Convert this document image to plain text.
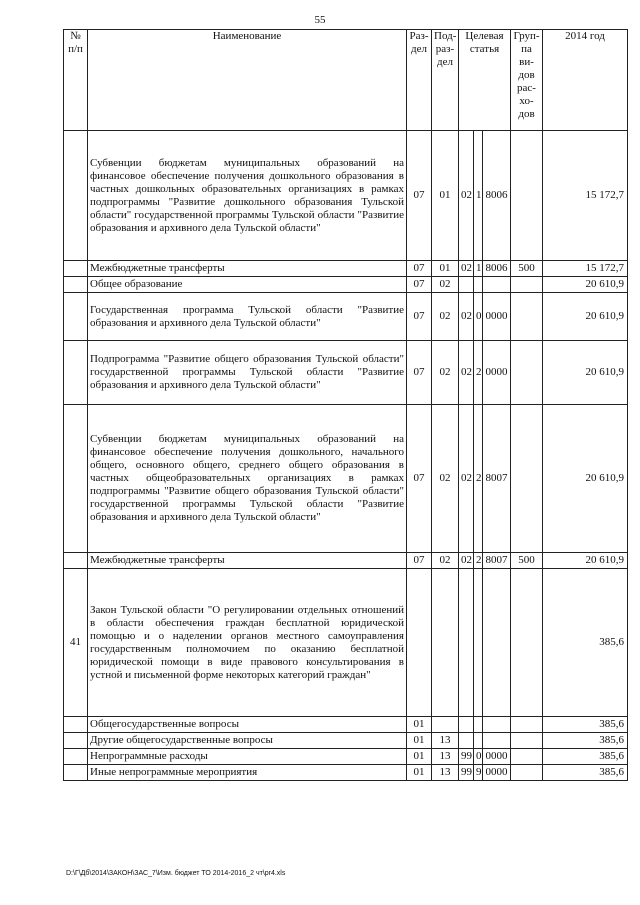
55
№ п/п	Наименование	Раз-дел	Под-раз-дел	Целевая статья			Груп-па ви-дов рас-хо-дов	2014 год
	Субвенции бюджетам муниципальных образований на финансовое обеспечение получения дошкольного образования в частных дошкольных образовательных организациях в рамках подпрограммы "Развитие дошкольного образования Тульской области" государственной программы Тульской области "Развитие образования и архивного дела Тульской области"	07	01	02	1	8006		15 172,7
	Межбюджетные трансферты	07	01	02	1	8006	500	15 172,7
	Общее образование	07	02					20 610,9
	Государственная программа Тульской области "Развитие образования и архивного дела Тульской области"	07	02	02	0	0000		20 610,9
	Подпрограмма "Развитие общего образования Тульской области" государственной программы Тульской области "Развитие образования и архивного дела Тульской области"	07	02	02	2	0000		20 610,9
	Субвенции бюджетам муниципальных образований на финансовое обеспечение получения дошкольного, начального общего, основного общего, среднего общего образования в частных общеобразовательных организациях в рамках подпрограммы "Развитие общего образования Тульской области" государственной программы Тульской области "Развитие образования и архивного дела Тульской области"	07	02	02	2	8007		20 610,9
	Межбюджетные трансферты	07	02	02	2	8007	500	20 610,9
41	Закон Тульской области "О регулировании отдельных отношений в области обеспечения граждан бесплатной юридической помощью и о наделении органов местного самоуправления государственным полномочием по оказанию бесплатной юридической помощи в виде правового консультирования в устной и письменной форме некоторых категорий граждан"							385,6
	Общегосударственные вопросы	01						385,6
	Другие общегосударственные вопросы	01	13					385,6
	Непрограммные расходы	01	13	99	0	0000		385,6
	Иные непрограммные мероприятия	01	13	99	9	0000		385,6
D:\Г\Дб\2014\ЗАКОН\ЗАС_7\Изм. бюджет ТО 2014-2016_2 чт\pr4.xls
